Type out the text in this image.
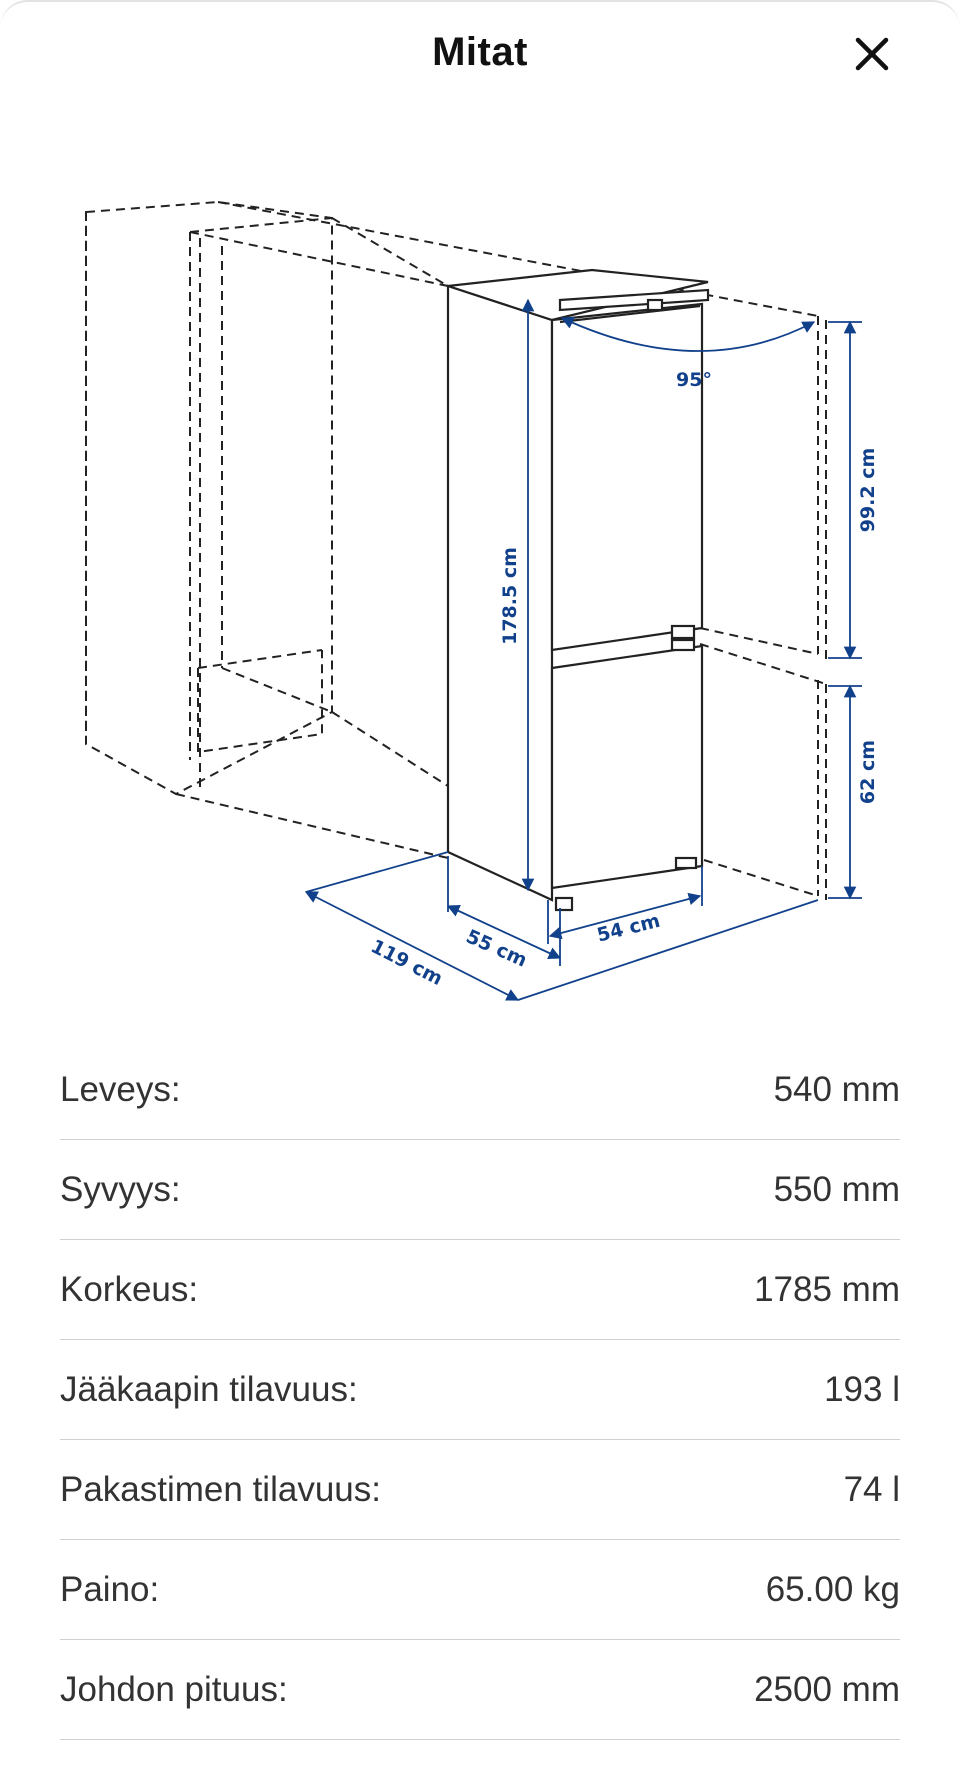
Mitat
95°
178.5 cm
99.2 cm
62 cm
55 cm	54 cm
119 cm
Leveys:	540 mm
Syvyys:	550 mm
Korkeus:	1785 mm
Jääkaapin tilavuus:	193 l
Pakastimen tilavuus:	74 l
Paino:	65.00 kg
Johdon pituus:	2500 mm
